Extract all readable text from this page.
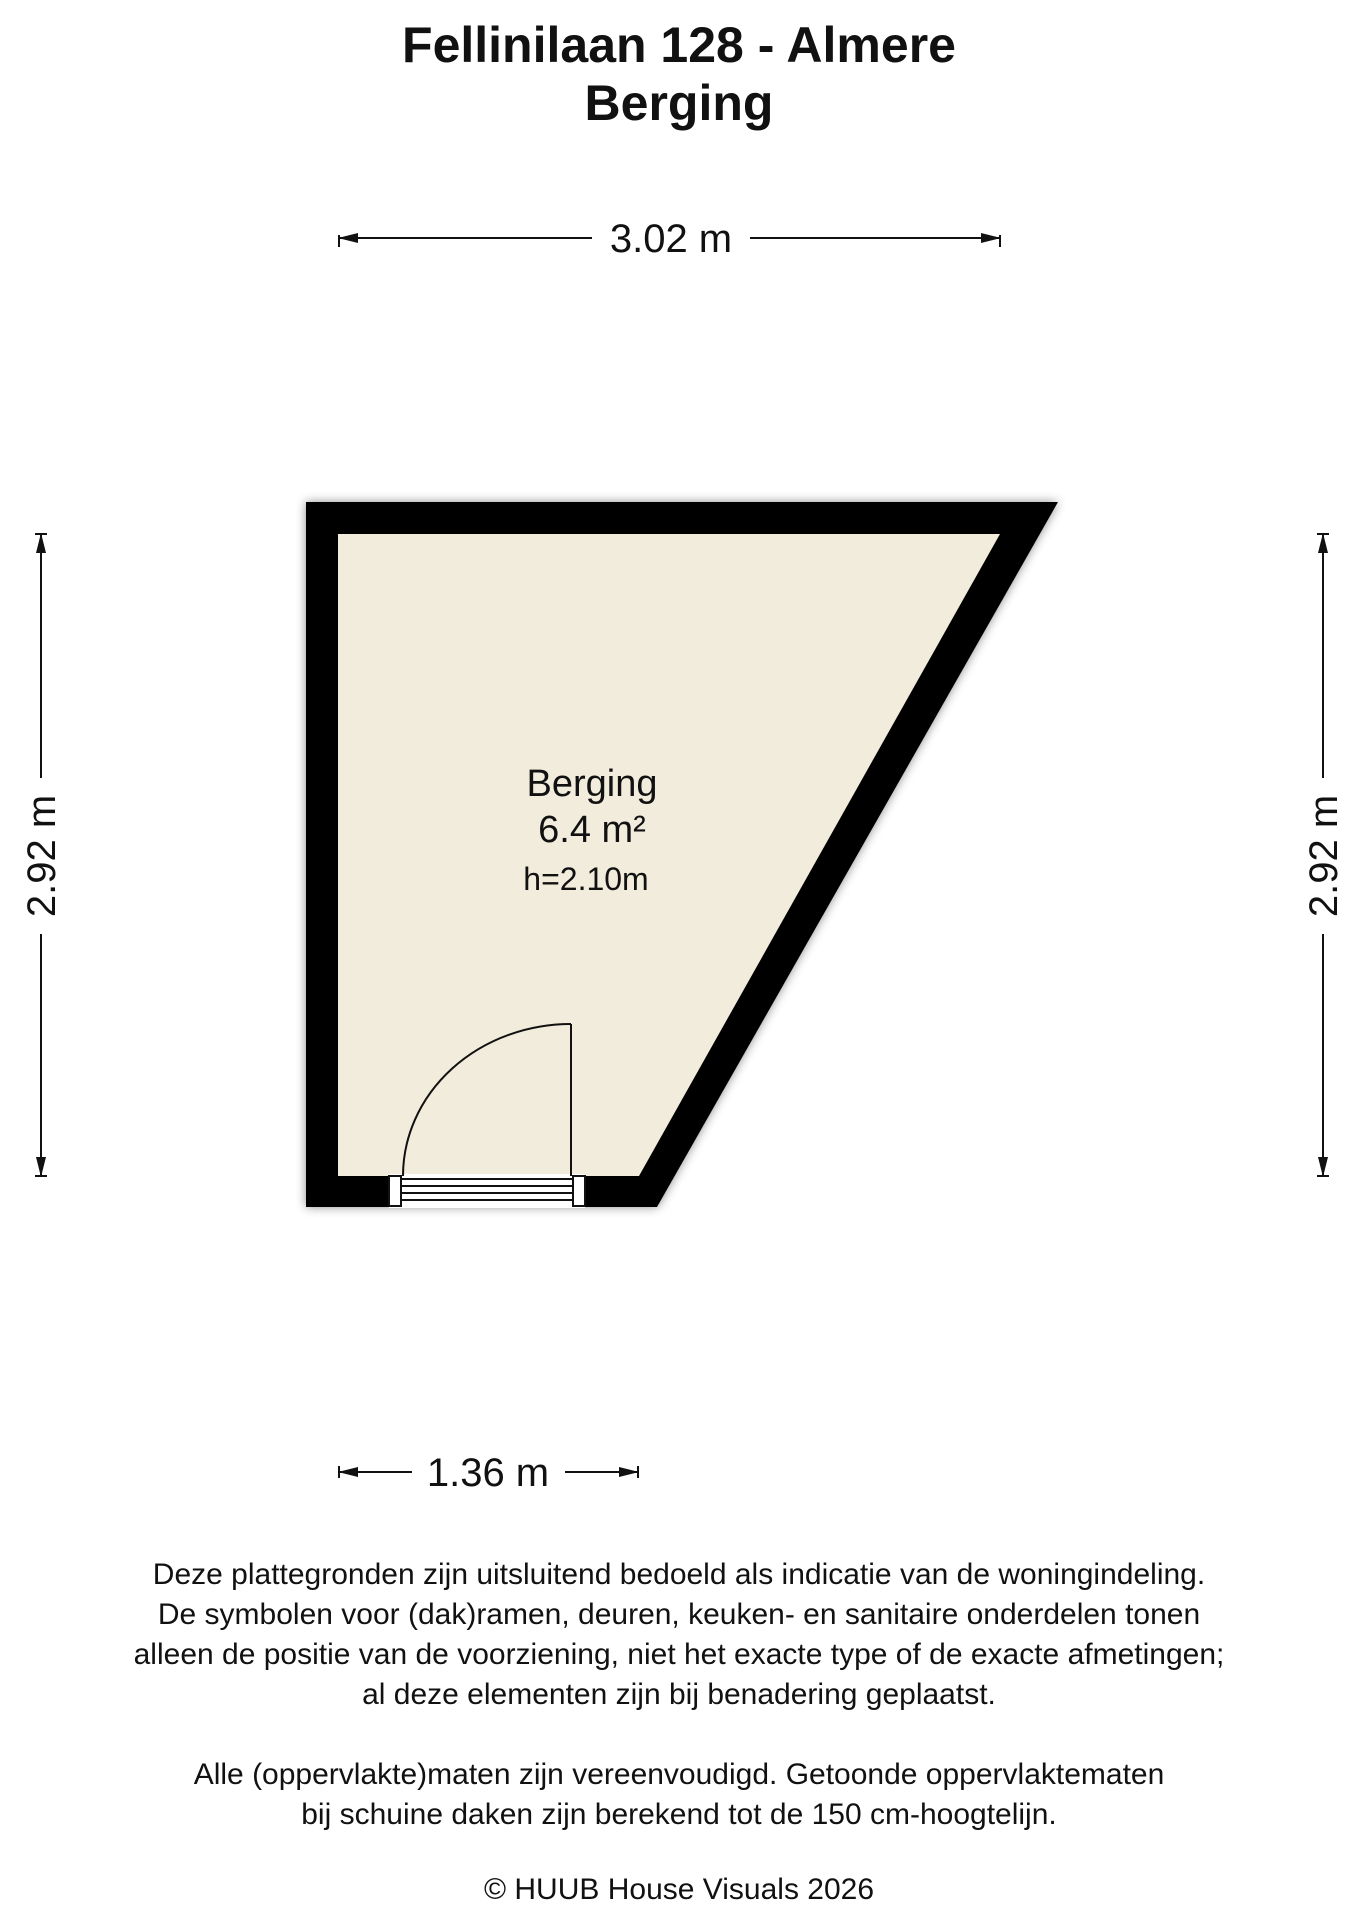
Fellinilaan 128 - Almere
Berging
3.02 m
2.92 m	2.92 m
1.36 m
Berging
6.4 m²
h=2.10m

Deze plattegronden zijn uitsluitend bedoeld als indicatie van de woningindeling.

De symbolen voor (dak)ramen, deuren, keuken- en sanitaire onderdelen tonen

alleen de positie van de voorziening, niet het exacte type of de exacte afmetingen;

al deze elementen zijn bij benadering geplaatst.

Alle (oppervlakte)maten zijn vereenvoudigd. Getoonde oppervlaktematen

bij schuine daken zijn berekend tot de 150 cm-hoogtelijn.

© HUUB House Visuals 2026
